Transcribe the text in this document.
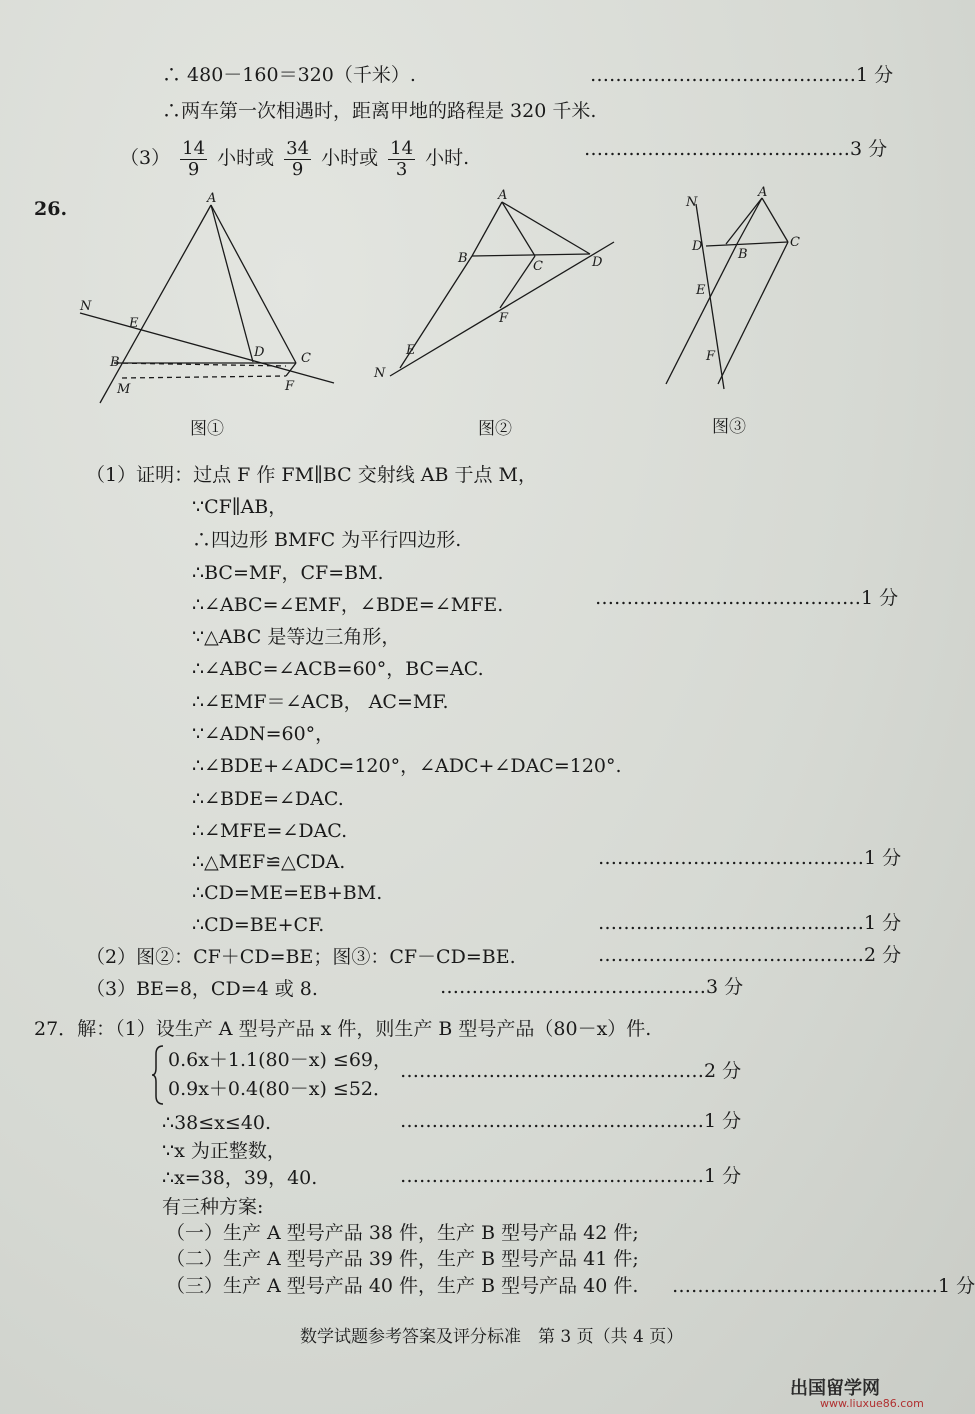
∴ 480－160＝320（千米）.	……………………………………1 分
∴两车第一次相遇时，距离甲地的路程是 320 千米.
$(3) \frac{14}{9}$ 小时或 $\frac{34}{9}$ 小时或 $\frac{14}{3}$ 小时.	……………………………………3 分
26.	A
N
E
B
M
D	C
F
图①
A
B
C	D
F
E
N
图②
A
N
D
B
C
E
F
图③
（1）证明：过点 F 作 FM∥BC 交射线 AB 于点 M，
∵CF∥AB，
∴四边形 BMFC 为平行四边形.
∴BC=MF，CF=BM.
∴∠ABC=∠EMF，∠BDE=∠MFE.	……………………………………1 分
∵△ABC 是等边三角形，
∴∠ABC=∠ACB=60°，BC=AC.
∴∠EMF＝∠ACB， AC=MF.
∵∠ADN=60°，
∴∠BDE+∠ADC=120°，∠ADC+∠DAC=120°.
∴∠BDE=∠DAC.
∴∠MFE=∠DAC.
∴△MEF≌△CDA.	……………………………………1 分
∴CD=ME=EB+BM.
∴CD=BE+CF.	……………………………………1 分
（2）图②：CF＋CD=BE；图③：CF－CD=BE.	……………………………………2 分
（3）BE=8，CD=4 或 8.	……………………………………3 分
27．解：（1）设生产 A 型号产品 x 件，则生产 B 型号产品（80－x）件.
0.6x＋1.1(80－x) ≤69，
0.9x＋0.4(80－x) ≤52．
…………………………………………2 分
∴38≤x≤40.	…………………………………………1 分
∵x 为正整数，
∴x=38，39，40.	…………………………………………1 分
有三种方案:
（一）生产 A 型号产品 38 件，生产 B 型号产品 42 件;
（二）生产 A 型号产品 39 件，生产 B 型号产品 41 件;
（三）生产 A 型号产品 40 件，生产 B 型号产品 40 件. ……………………………………1 分
数学试题参考答案及评分标准　第 3 页（共 4 页）
出国留学网
www.liuxue86.com
